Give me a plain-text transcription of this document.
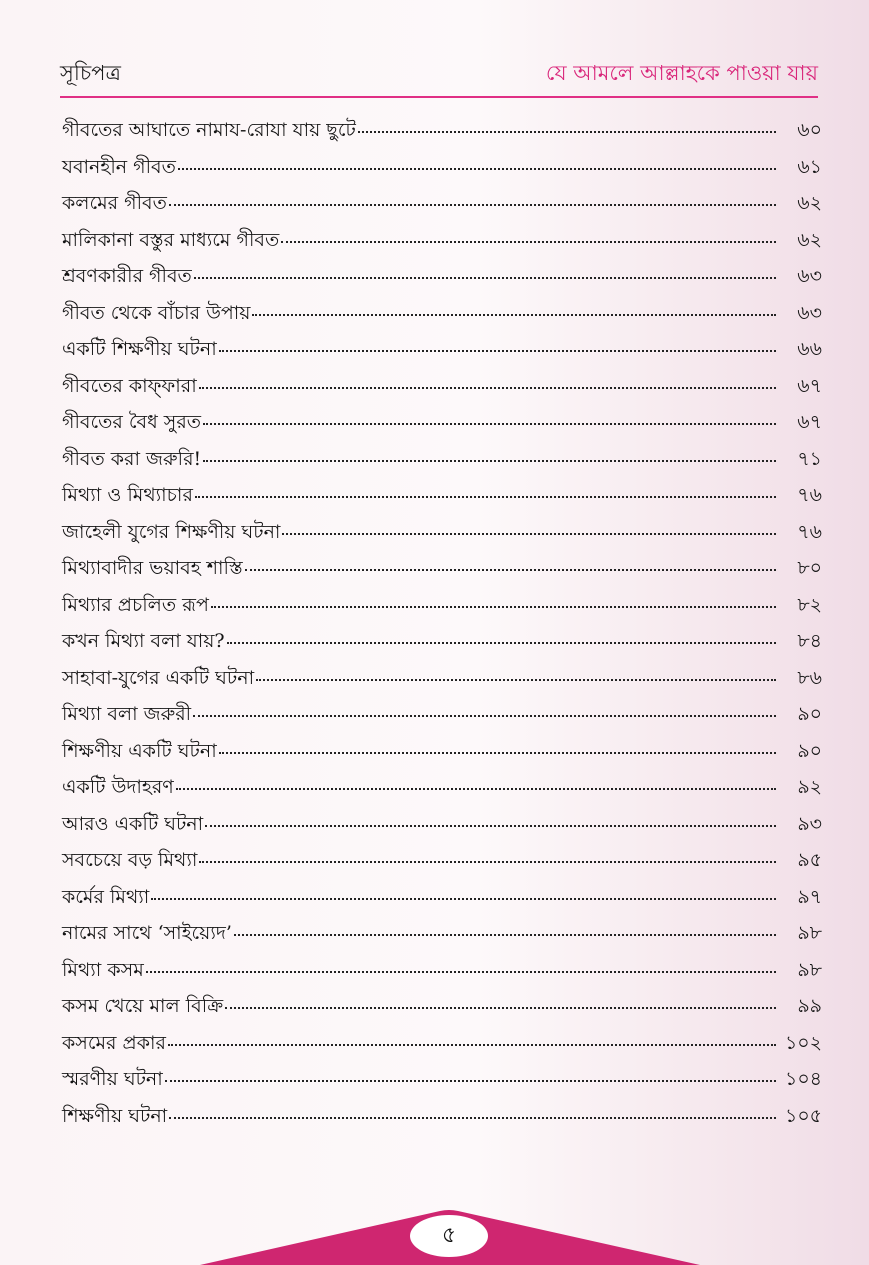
সূচিপত্র	যে আমলে আল্লাহকে পাওয়া যায়
গীবতের আঘাতে নামায-রোযা যায় ছুটে	৬০
যবানহীন গীবত	৬১
কলমের গীবত	৬২
মালিকানা বস্তুর মাধ্যমে গীবত	৬২
শ্রবণকারীর গীবত	৬৩
গীবত থেকে বাঁচার উপায়	৬৩
একটি শিক্ষণীয় ঘটনা	৬৬
গীবতের কাফ্ফারা	৬৭
গীবতের বৈধ সুরত	৬৭
গীবত করা জরুরি!	৭১
মিথ্যা ও মিথ্যাচার	৭৬
জাহেলী যুগের শিক্ষণীয় ঘটনা	৭৬
মিথ্যাবাদীর ভয়াবহ শাস্তি	৮০
মিথ্যার প্রচলিত রূপ	৮২
কখন মিথ্যা বলা যায়?	৮৪
সাহাবা-যুগের একটি ঘটনা	৮৬
মিথ্যা বলা জরুরী	৯০
শিক্ষণীয় একটি ঘটনা	৯০
একটি উদাহরণ	৯২
আরও একটি ঘটনা	৯৩
সবচেয়ে বড় মিথ্যা	৯৫
কর্মের মিথ্যা	৯৭
নামের সাথে ‘সাইয়্যেদ’	৯৮
মিথ্যা কসম	৯৮
কসম খেয়ে মাল বিক্রি	৯৯
কসমের প্রকার	১০২
স্মরণীয় ঘটনা	১০৪
শিক্ষণীয় ঘটনা	১০৫
৫
